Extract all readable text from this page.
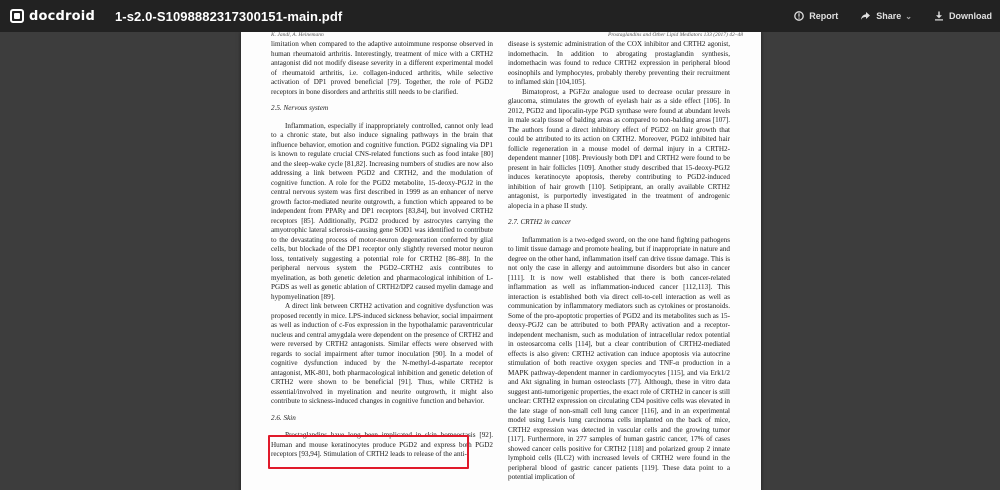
docdroid 1-s2.0-S1098882317300151-main.pdf	Report	Share ⌄	Download
K. Jandl, A. Heinemann	Prostaglandins and Other Lipid Mediators 133 (2017) 42–48
limitation when compared to the adaptive autoimmune response observed in human rheumatoid arthritis. Interestingly, treatment of mice with a CRTH2 antagonist did not modify disease severity in a different experimental model of rheumatoid arthritis, i.e. collagen-induced arthritis, while selective activation of DP1 proved beneficial [79]. Together, the role of PGD2 receptors in bone disorders and arthritis still needs to be clarified.
2.5. Nervous system
Inflammation, especially if inappropriately controlled, cannot only lead to a chronic state, but also induce signaling pathways in the brain that influence behavior, emotion and cognitive function. PGD2 signaling via DP1 is known to regulate crucial CNS-related functions such as food intake [80] and the sleep-wake cycle [81,82]. Increasing numbers of studies are now also addressing a link between PGD2 and CRTH2, and the modulation of cognitive function. A role for the PGD2 metabolite, 15-deoxy-PGJ2 in the central nervous system was first described in 1999 as an enhancer of nerve growth factor-mediated neurite outgrowth, a function which appeared to be independent from PPARγ and DP1 receptors [83,84], but involved CRTH2 receptors [85]. Additionally, PGD2 produced by astrocytes carrying the amyotrophic lateral sclerosis-causing gene SOD1 was identified to contribute to the devastating process of motor-neuron degeneration conferred by glial cells, but blockade of the DP1 receptor only slightly reversed motor neuron loss, tentatively suggesting a potential role for CRTH2 [86–88]. In the peripheral nervous system the PGD2–CRTH2 axis contributes to myelination, as both genetic deletion and pharmacological inhibition of L-PGDS as well as genetic ablation of CRTH2/DP2 caused myelin damage and hypomyelination [89].
A direct link between CRTH2 activation and cognitive dysfunction was proposed recently in mice. LPS-induced sickness behavior, social impairment as well as induction of c-Fos expression in the hypothalamic paraventricular nucleus and central amygdala were dependent on the presence of CRTH2 and were reversed by CRTH2 antagonists. Similar effects were observed with regards to social impairment after tumor inoculation [90]. In a model of cognitive dysfunction induced by the N-methyl-d-aspartate receptor antagonist, MK-801, both pharmacological inhibition and genetic deletion of CRTH2 were shown to be beneficial [91]. Thus, while CRTH2 is essential/involved in myelination and neurite outgrowth, it might also contribute to sickness-induced changes in cognitive function and behavior.
2.6. Skin
Prostaglandins have long been implicated in skin homeostasis [92]. Human and mouse keratinocytes produce PGD2 and express both PGD2 receptors [93,94]. Stimulation of CRTH2 leads to release of the anti-
disease is systemic administration of the COX inhibitor and CRTH2 agonist, indomethacin. In addition to abrogating prostaglandin synthesis, indomethacin was found to reduce CRTH2 expression in peripheral blood eosinophils and lymphocytes, probably thereby preventing their recruitment to inflamed skin [104,105].
Bimatoprost, a PGF2α analogue used to decrease ocular pressure in glaucoma, stimulates the growth of eyelash hair as a side effect [106]. In 2012, PGD2 and lipocalin-type PGD synthase were found at abundant levels in male scalp tissue of balding areas as compared to non-balding areas [107]. The authors found a direct inhibitory effect of PGD2 on hair growth that could be attributed to its action on CRTH2. Moreover, PGD2 inhibited hair follicle regeneration in a mouse model of dermal injury in a CRTH2-dependent manner [108]. Previously both DP1 and CRTH2 were found to be present in hair follicles [109]. Another study described that 15-deoxy-PGJ2 induces keratinocyte apoptosis, thereby contributing to PGD2-induced inhibition of hair growth [110]. Setipiprant, an orally available CRTH2 antagonist, is purportedly investigated in the treatment of androgenic alopecia in a phase II study.
2.7. CRTH2 in cancer
Inflammation is a two-edged sword, on the one hand fighting pathogens to limit tissue damage and promote healing, but if inappropriate in nature and degree on the other hand, inflammation itself can drive tissue damage. This is not only the case in allergy and autoimmune disorders but also in cancer [111]. It is now well established that there is both cancer-related inflammation as well as inflammation-induced cancer [112,113]. This interaction is established both via direct cell-to-cell interaction as well as communication by inflammatory mediators such as cytokines or prostanoids. Some of the pro-apoptotic properties of PGD2 and its metabolites such as 15-deoxy-PGJ2 can be attributed to both PPARγ activation and a receptor-independent mechanism, such as modulation of intracellular redox potential in osteosarcoma cells [114], but a clear contribution of CRTH2-mediated effects is also given: CRTH2 activation can induce apoptosis via autocrine stimulation of both reactive oxygen species and TNF-α production in a MAPK pathway-dependent manner in cardiomyocytes [115], and via Erk1/2 and Akt signaling in human osteoclasts [77]. Although, these in vitro data suggest anti-tumorigenic properties, the exact role of CRTH2 in cancer is still unclear: CRTH2 expression on circulating CD4 positive cells was elevated in the late stage of non-small cell lung cancer [116], and in an experimental model using Lewis lung carcinoma cells implanted on the back of mice, CRTH2 expression was detected in vascular cells and the growing tumor [117]. Furthermore, in 277 samples of human gastric cancer, 17% of cases showed cancer cells positive for CRTH2 [118] and polarized group 2 innate lymphoid cells (ILC2) with increased levels of CRTH2 were found in the peripheral blood of gastric cancer patients [119]. These data point to a potential implication of
